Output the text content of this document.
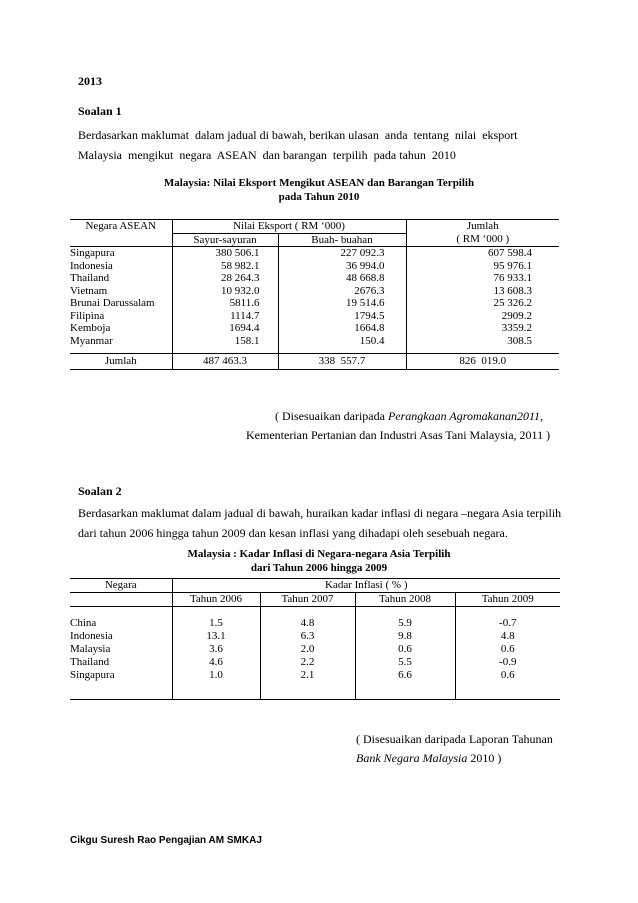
2013
Soalan 1
Berdasarkan maklumat  dalam jadual di bawah, berikan ulasan  anda  tentang  nilai  eksport
Malaysia  mengikut  negara  ASEAN  dan barangan  terpilih  pada tahun  2010
Malaysia: Nilai Eksport Mengikut ASEAN dan Barangan Terpilih
pada Tahun 2010
Negara ASEAN	Nilai Eksport ( RM ‘000)		Jumlah
	Sayur-sayuran	Buah- buahan	( RM ‘000 )
Singapura	380 506.1	227 092.3	607 598.4
Indonesia	58 982.1	36 994.0	95 976.1
Thailand	28 264.3	48 668.8	76 933.1
Vietnam	10 932.0	2676.3	13 608.3
Brunai Darussalam	5811.6	19 514.6	25 326.2
Filipina	1114.7	1794.5	2909.2
Kemboja	1694.4	1664.8	3359.2
Myanmar	158.1	150.4	308.5

Jumlah	487 463.3	338  557.7	826  019.0
( Disesuaikan daripada Perangkaan Agromakanan2011,
Kementerian Pertanian dan Industri Asas Tani Malaysia, 2011 )
Soalan 2
Berdasarkan maklumat dalam jadual di bawah, huraikan kadar inflasi di negara –negara Asia terpilih
dari tahun 2006 hingga tahun 2009 dan kesan inflasi yang dihadapi oleh sesebuah negara.
Malaysia : Kadar Inflasi di Negara-negara Asia Terpilih
dari Tahun 2006 hingga 2009
Negara	Kadar Inflasi ( % )			
	Tahun 2006	Tahun 2007	Tahun 2008	Tahun 2009

China	1.5	4.8	5.9	-0.7
Indonesia	13.1	6.3	9.8	4.8
Malaysia	3.6	2.0	0.6	0.6
Thailand	4.6	2.2	5.5	-0.9
Singapura	1.0	2.1	6.6	0.6

( Disesuaikan daripada Laporan Tahunan
Bank Negara Malaysia 2010 )
Cikgu Suresh Rao Pengajian AM SMKAJ
